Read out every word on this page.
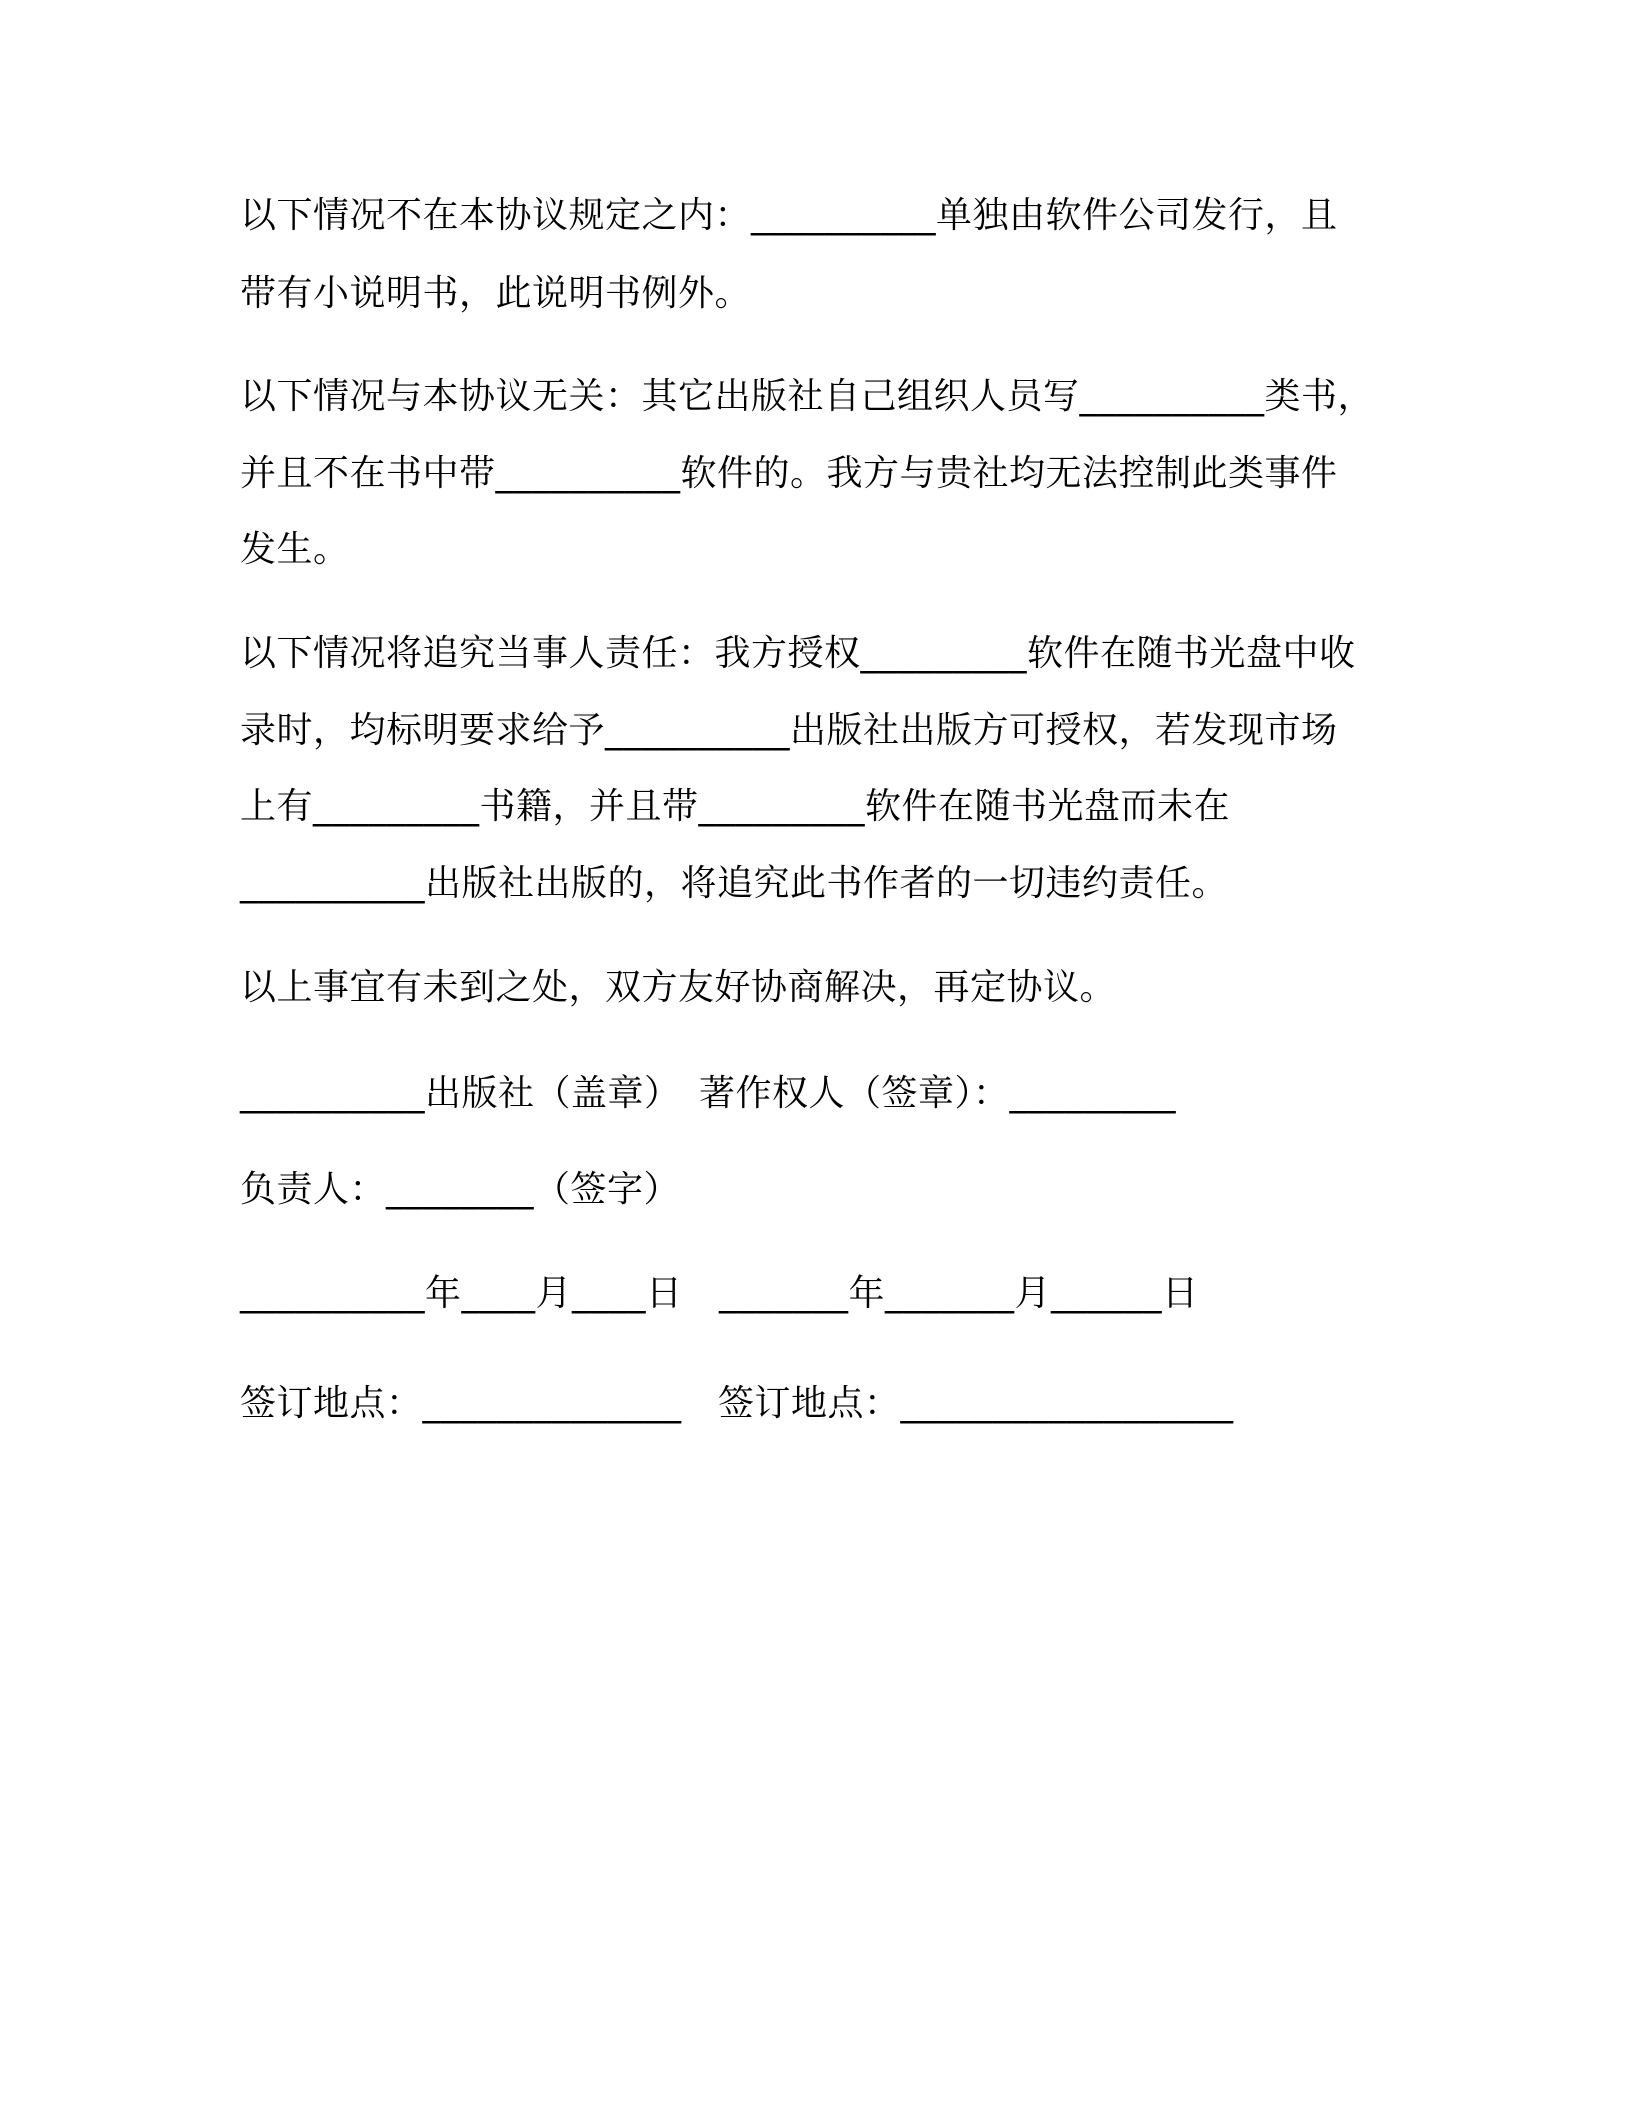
以下情况不在本协议规定之内：__________单独由软件公司发行，且

带有小说明书，此说明书例外。

以下情况与本协议无关：其它出版社自己组织人员写__________类书，

并且不在书中带__________软件的。我方与贵社均无法控制此类事件

发生。

以下情况将追究当事人责任：我方授权_________软件在随书光盘中收

录时，均标明要求给予__________出版社出版方可授权，若发现市场

上有_________书籍，并且带_________软件在随书光盘而未在

__________出版社出版的，将追究此书作者的一切违约责任。

以上事宜有未到之处，双方友好协商解决，再定协议。

__________出版社（盖章）　著作权人（签章）：_________

负责人：________（签字）

__________年____月____日　_______年_______月______日

签订地点：______________　签订地点：__________________
